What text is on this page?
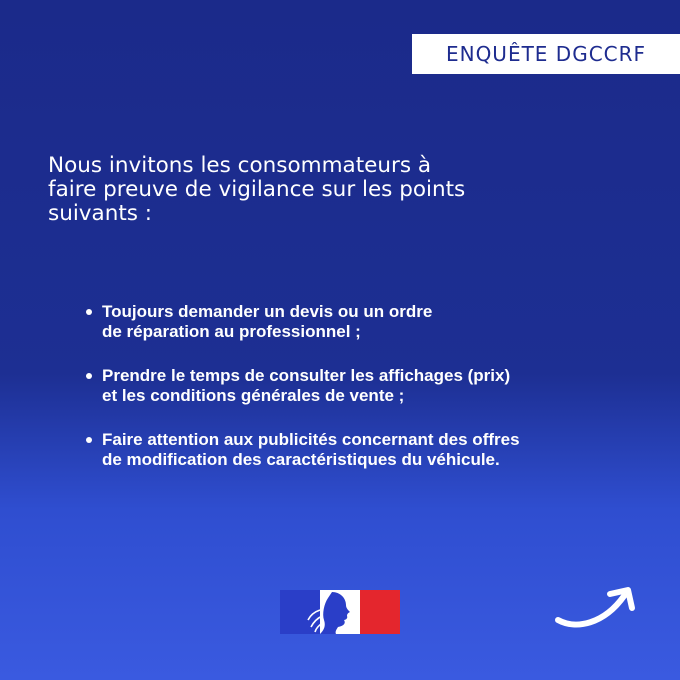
ENQUÊTE DGCCRF

Nous invitons les consommateurs à
faire preuve de vigilance sur les points
suivants :

Toujours demander un devis ou un ordre
de réparation au professionnel ;
Prendre le temps de consulter les affichages (prix)
et les conditions générales de vente ;
Faire attention aux publicités concernant des offres
de modification des caractéristiques du véhicule.
